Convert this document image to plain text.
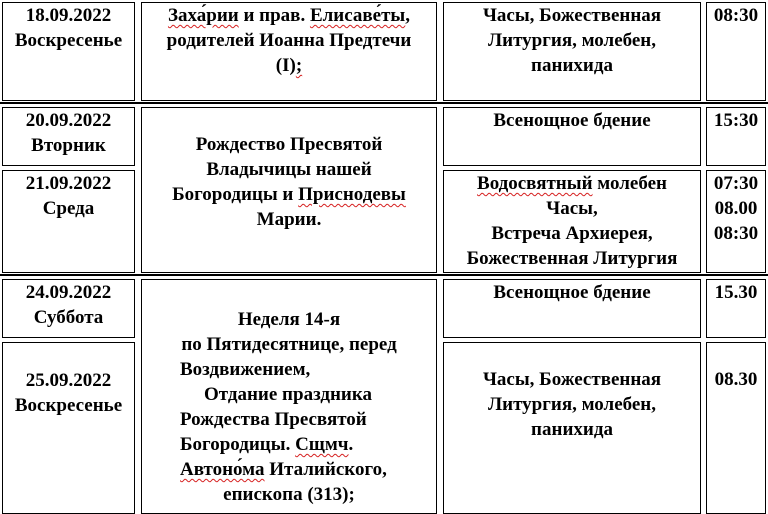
18.09.2022
Воскресенье
Заха́рии и прав. Елисаве́ты,
родителей Иоанна Предтечи
(I);
Часы, Божественная
Литургия, молебен,
панихида
08:30
20.09.2022
Вторник
Всенощное бдение	15:30
Рождество Пресвятой
Владычицы нашей
Богородицы и Приснодевы
Марии.
21.09.2022
Среда
Водосвятный молебен
Часы,
Встреча Архиерея,
Божественная Литургия
07:30
08.00
08:30
24.09.2022
Суббота
Всенощное бдение	15.30
Неделя 14-я
по Пятидесятнице, перед
Воздвижением,
Отдание праздника
Рождества Пресвятой
Богородицы. Сщмч.
Автоно́ма Италийского,
епископа (313);
25.09.2022
Воскресенье
Часы, Божественная
Литургия, молебен,
панихида
08.30
